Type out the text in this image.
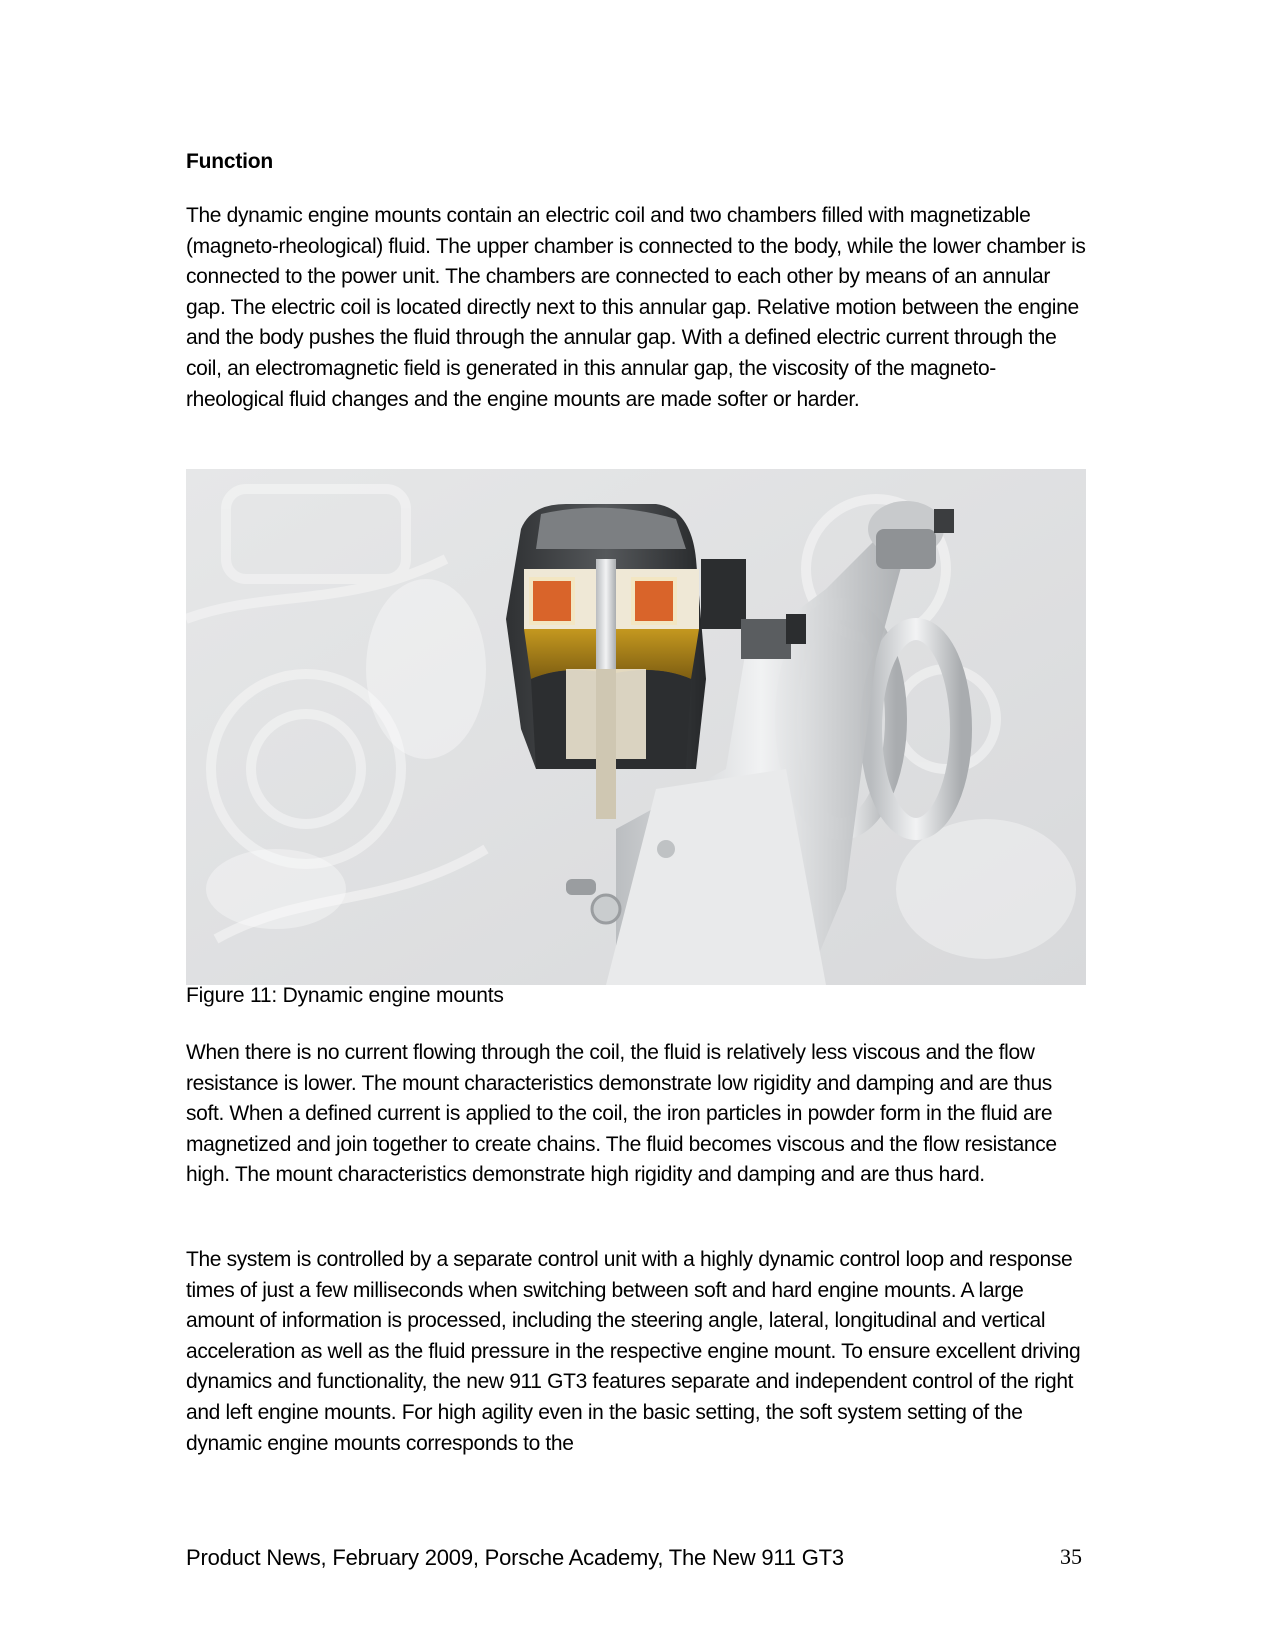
Function

The dynamic engine mounts contain an electric coil and two chambers filled with magnetizable (magneto-rheological) fluid. The upper chamber is connected to the body, while the lower chamber is connected to the power unit. The chambers are connected to each other by means of an annular gap. The electric coil is located directly next to this annular gap. Relative motion between the engine and the body pushes the fluid through the annular gap. With a defined electric current through the coil, an electromagnetic field is generated in this annular gap, the viscosity of the magneto-rheological fluid changes and the engine mounts are made softer or harder.

Figure 11: Dynamic engine mounts

When there is no current flowing through the coil, the fluid is relatively less viscous and the flow resistance is lower. The mount characteristics demonstrate low rigidity and damping and are thus soft. When a defined current is applied to the coil, the iron particles in powder form in the fluid are magnetized and join together to create chains. The fluid becomes viscous and the flow resistance high. The mount characteristics demonstrate high rigidity and damping and are thus hard.

The system is controlled by a separate control unit with a highly dynamic control loop and response times of just a few milliseconds when switching between soft and hard engine mounts. A large amount of information is processed, including the steering angle, lateral, longitudinal and vertical acceleration as well as the fluid pressure in the respective engine mount. To ensure excellent driving dynamics and functionality, the new 911 GT3 features separate and independent control of the right and left engine mounts. For high agility even in the basic setting, the soft system setting of the dynamic engine mounts corresponds to the

Product News, February 2009, Porsche Academy, The New 911 GT3	35
